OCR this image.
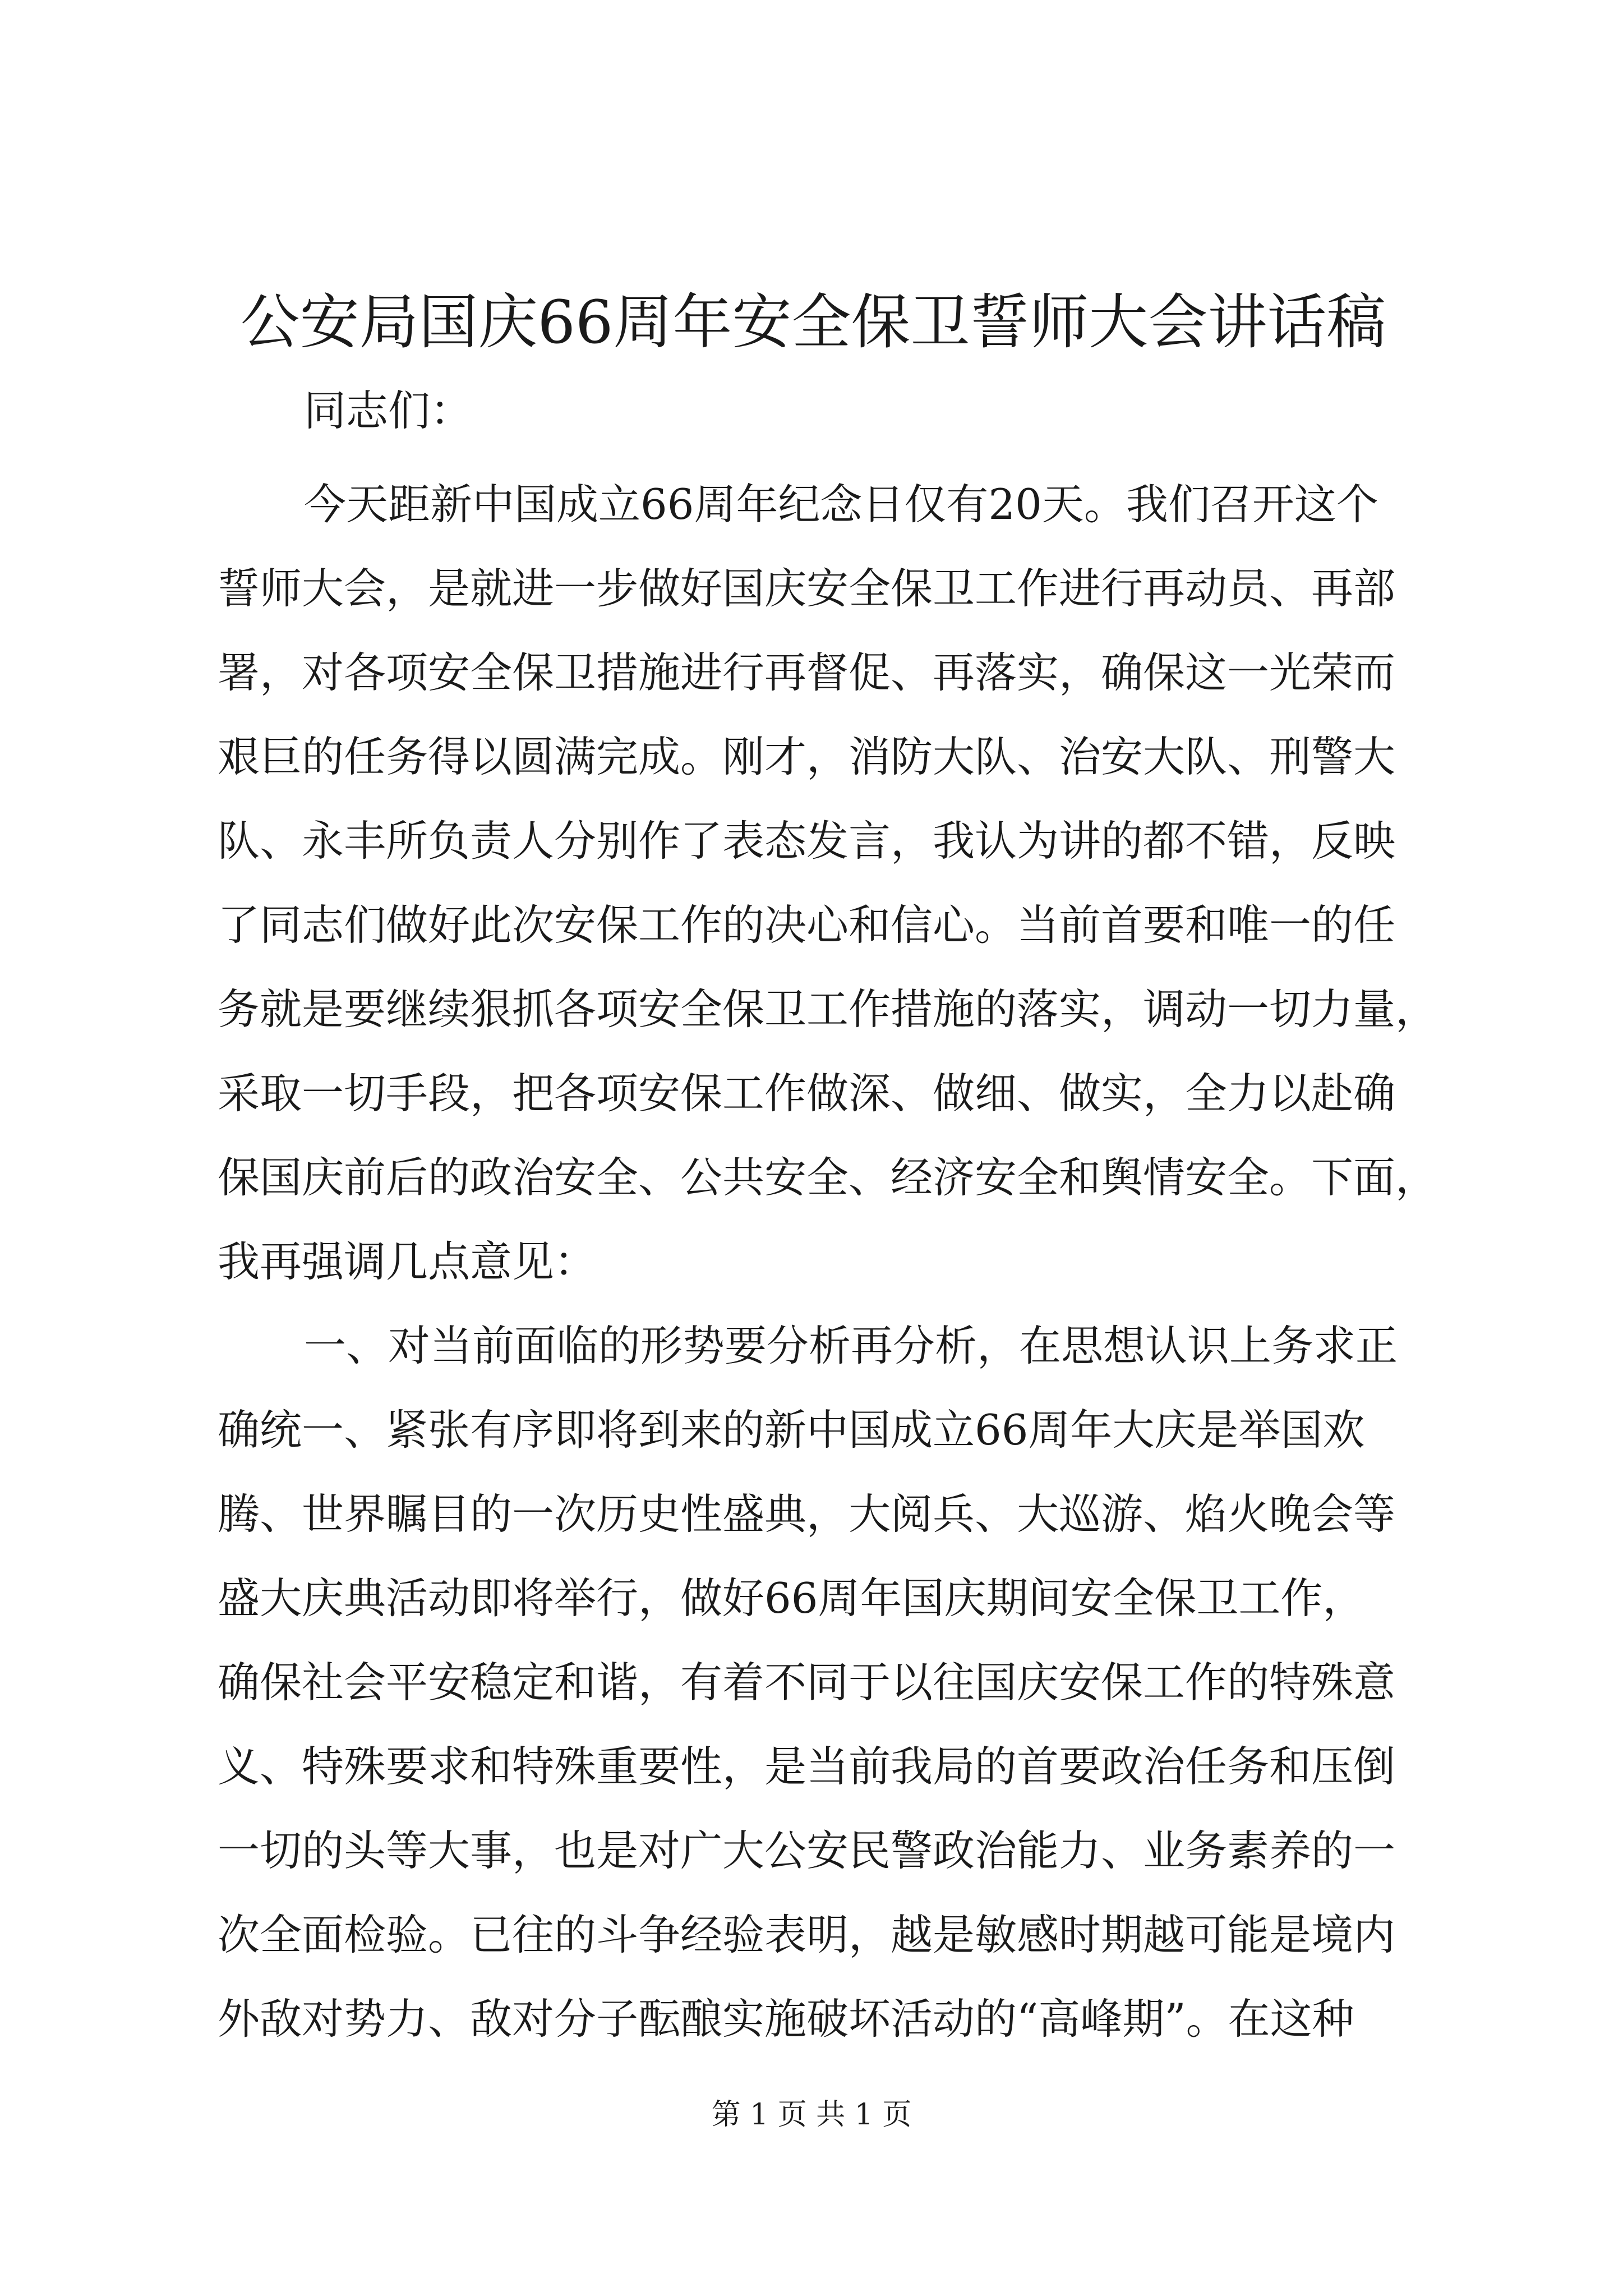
公安局国庆66周年安全保卫誓师大会讲话稿

同志们：

今天距新中国成立66周年纪念日仅有20天。我们召开这个

誓师大会，是就进一步做好国庆安全保卫工作进行再动员、再部

署，对各项安全保卫措施进行再督促、再落实，确保这一光荣而

艰巨的任务得以圆满完成。刚才，消防大队、治安大队、刑警大

队、永丰所负责人分别作了表态发言，我认为讲的都不错，反映

了同志们做好此次安保工作的决心和信心。当前首要和唯一的任

务就是要继续狠抓各项安全保卫工作措施的落实，调动一切力量，

采取一切手段，把各项安保工作做深、做细、做实，全力以赴确

保国庆前后的政治安全、公共安全、经济安全和舆情安全。下面，

我再强调几点意见：

一、对当前面临的形势要分析再分析，在思想认识上务求正

确统一、紧张有序即将到来的新中国成立66周年大庆是举国欢

腾、世界瞩目的一次历史性盛典，大阅兵、大巡游、焰火晚会等

盛大庆典活动即将举行，做好66周年国庆期间安全保卫工作，

确保社会平安稳定和谐，有着不同于以往国庆安保工作的特殊意

义、特殊要求和特殊重要性，是当前我局的首要政治任务和压倒

一切的头等大事，也是对广大公安民警政治能力、业务素养的一

次全面检验。已往的斗争经验表明，越是敏感时期越可能是境内

外敌对势力、敌对分子酝酿实施破坏活动的“高峰期”。在这种

第 1 页 共 1 页
